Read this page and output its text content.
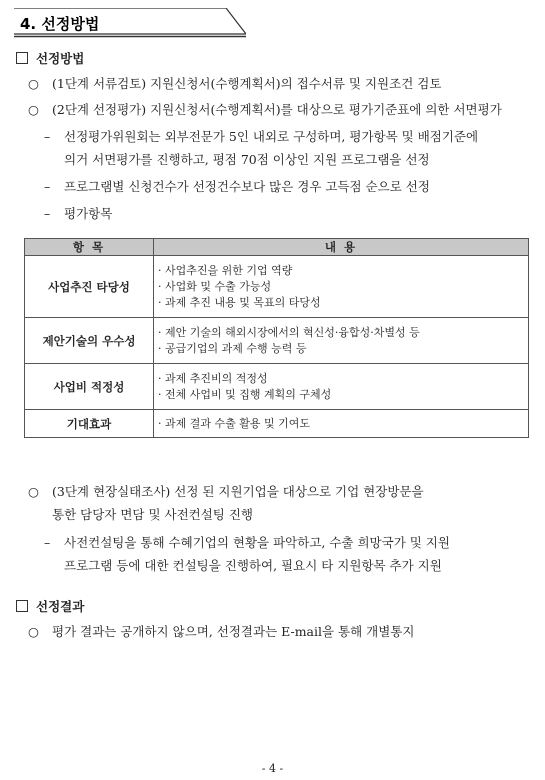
4. 선정방법
선정방법
○ (1단계 서류검토) 지원신청서(수행계획서)의 접수서류 및 지원조건 검토
○ (2단계 선정평가) 지원신청서(수행계획서)를 대상으로 평가기준표에 의한 서면평가
– 선정평가위원회는 외부전문가 5인 내외로 구성하며, 평가항목 및 배점기준에
의거 서면평가를 진행하고, 평점 70점 이상인 지원 프로그램을 선정
– 프로그램별 신청건수가 선정건수보다 많은 경우 고득점 순으로 선정
– 평가항목
항 목	내 용
사업추진 타당성	· 사업추진을 위한 기업 역량
· 사업화 및 수출 가능성
· 과제 추진 내용 및 목표의 타당성

제안기술의 우수성	· 제안 기술의 해외시장에서의 혁신성·융합성·차별성 등
· 공급기업의 과제 수행 능력 등

사업비 적정성	· 과제 추진비의 적정성
· 전체 사업비 및 집행 계획의 구체성

기대효과	· 과제 결과 수출 활용 및 기여도
○ (3단계 현장실태조사) 선정 된 지원기업을 대상으로 기업 현장방문을
통한 담당자 면담 및 사전컨설팅 진행
– 사전컨설팅을 통해 수혜기업의 현황을 파악하고, 수출 희망국가 및 지원
프로그램 등에 대한 컨설팅을 진행하여, 필요시 타 지원항목 추가 지원
선정결과
○ 평가 결과는 공개하지 않으며, 선정결과는 E-mail을 통해 개별통지
- 4 -
